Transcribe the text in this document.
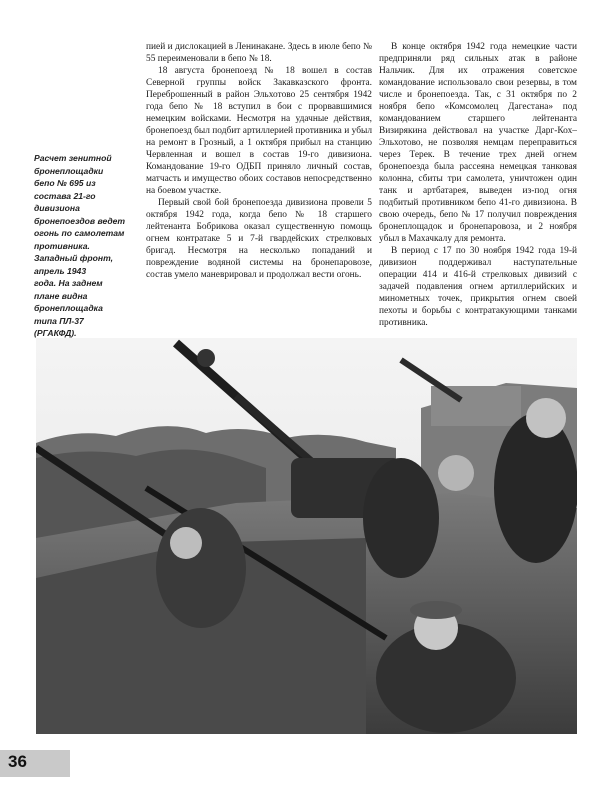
Расчет зенитной
бронеплощадки
бепо № 695 из
состава 21-го
дивизиона
бронепоездов ведет
огонь по самолетам
противника.
Западный фронт,
апрель 1943
года. На заднем
плане видна
бронеплощадка
типа ПЛ-37
(РГАКФД).

пией и дислокацией в Ленинакане. Здесь в июле бепо № 55 переименовали в бепо № 18.

18 августа бронепоезд № 18 вошел в состав Северной группы войск Закавказского фронта. Переброшенный в район Эльхотово 25 сентября 1942 года бепо № 18 вступил в бои с прорвавшимися немецким войсками. Несмотря на удачные действия, бронепоезд был подбит артиллерией противника и убыл на ремонт в Грозный, а 1 октября прибыл на станцию Червленная и вошел в состав 19-го дивизиона. Командование 19-го ОДБП приняло личный состав, матчасть и имущество обоих составов непосредственно на боевом участке.

Первый свой бой бронепоезда дивизиона провели 5 октября 1942 года, когда бепо № 18 старшего лейтенанта Бобрикова оказал существенную помощь огнем контратаке 5 и 7-й гвардейских стрелковых бригад. Несмотря на несколько попаданий и повреждение водяной системы на бронепаровозе, состав умело маневрировал и продолжал вести огонь.

В конце октября 1942 года немецкие части предприняли ряд сильных атак в районе Нальчик. Для их отражения советское командование использовало свои резервы, в том числе и бронепоезда. Так, с 31 октября по 2 ноября бепо «Комсомолец Дагестана» под командованием старшего лейтенанта Визирякина действовал на участке Дарг-Кох–Эльхотово, не позволяя немцам переправиться через Терек. В течение трех дней огнем бронепоезда была рассеяна немецкая танковая колонна, сбиты три самолета, уничтожен один танк и артбатарея, выведен из-под огня подбитый противником бепо 41-го дивизиона. В свою очередь, бепо № 17 получил повреждения бронеплощадок и бронепаровоза, и 2 ноября убыл в Махачкалу для ремонта.

В период с 17 по 30 ноября 1942 года 19-й дивизион поддерживал наступательные операции 414 и 416-й стрелковых дивизий с задачей подавления огнем артиллерийских и минометных точек, прикрытия огнем своей пехоты и борьбы с контратакующими танками противника.

36
